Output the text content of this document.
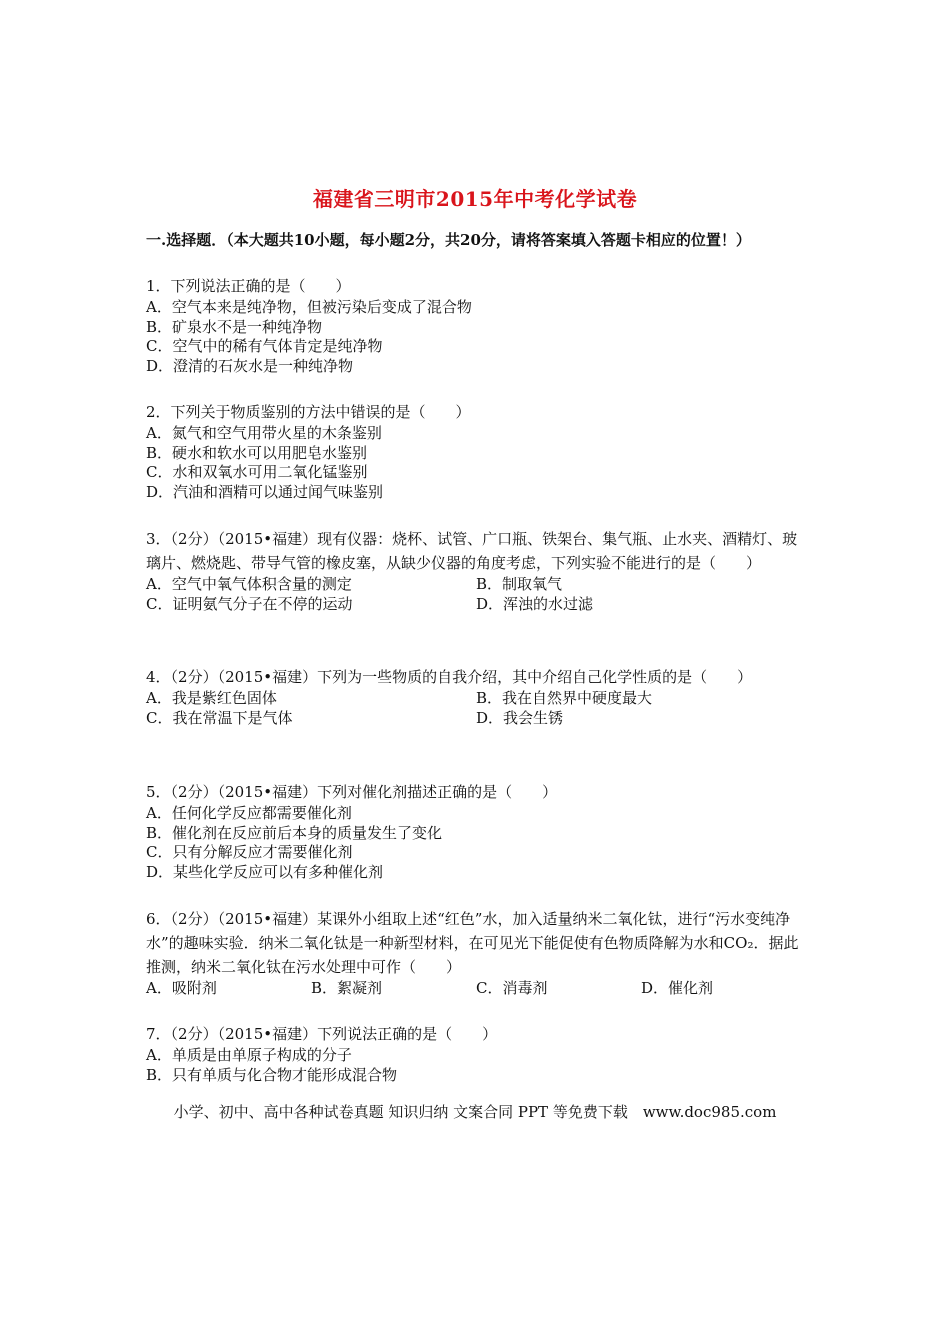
福建省三明市2015年中考化学试卷
一.选择题．（本大题共10小题，每小题2分，共20分，请将答案填入答题卡相应的位置！）
1．下列说法正确的是（　　）
A．空气本来是纯净物，但被污染后变成了混合物
B．矿泉水不是一种纯净物
C．空气中的稀有气体肯定是纯净物
D．澄清的石灰水是一种纯净物
2．下列关于物质鉴别的方法中错误的是（　　）
A．氮气和空气用带火星的木条鉴别
B．硬水和软水可以用肥皂水鉴别
C．水和双氧水可用二氧化锰鉴别
D．汽油和酒精可以通过闻气味鉴别
3．（2分）（2015•福建）现有仪器：烧杯、试管、广口瓶、铁架台、集气瓶、止水夹、酒精灯、玻璃片、燃烧匙、带导气管的橡皮塞，从缺少仪器的角度考虑，下列实验不能进行的是（　　）
A．空气中氧气体积含量的测定	B．制取氧气
C．证明氨气分子在不停的运动	D．浑浊的水过滤
4．（2分）（2015•福建）下列为一些物质的自我介绍，其中介绍自己化学性质的是（　　）
A．我是紫红色固体	B．我在自然界中硬度最大
C．我在常温下是气体	D．我会生锈
5．（2分）（2015•福建）下列对催化剂描述正确的是（　　）
A．任何化学反应都需要催化剂
B．催化剂在反应前后本身的质量发生了变化
C．只有分解反应才需要催化剂
D．某些化学反应可以有多种催化剂
6．（2分）（2015•福建）某课外小组取上述“红色”水，加入适量纳米二氧化钛，进行“污水变纯净水”的趣味实验．纳米二氧化钛是一种新型材料，在可见光下能促使有色物质降解为水和CO₂．据此推测，纳米二氧化钛在污水处理中可作（　　）
A．吸附剂	B．絮凝剂	C．消毒剂	D．催化剂
7．（2分）（2015•福建）下列说法正确的是（　　）
A．单质是由单原子构成的分子
B．只有单质与化合物才能形成混合物
小学、初中、高中各种试卷真题 知识归纳 文案合同 PPT 等免费下载　www.doc985.com
